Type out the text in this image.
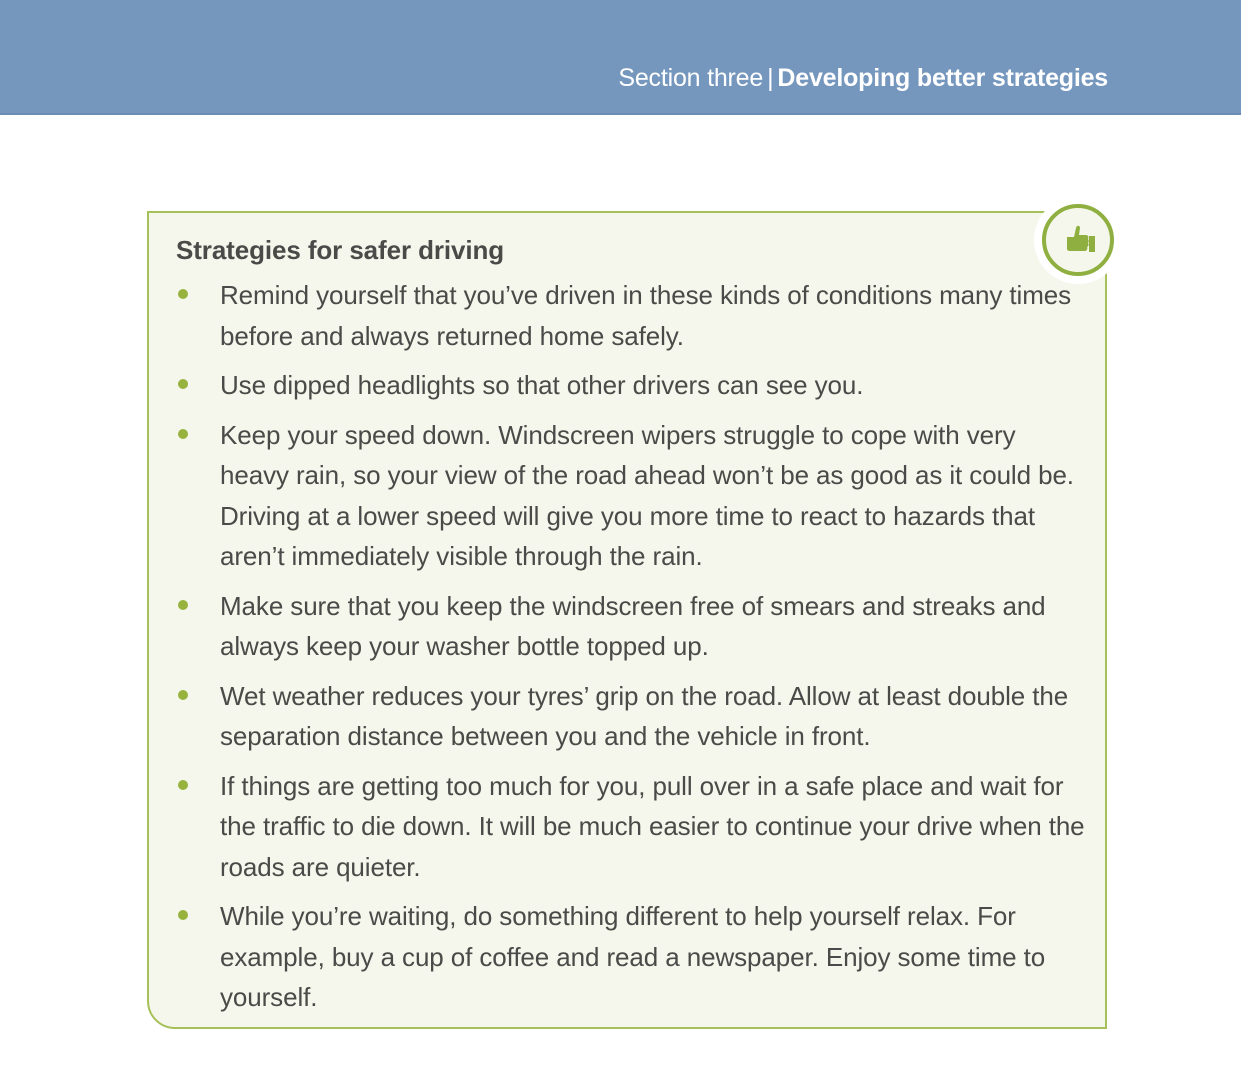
Section three | Developing better strategies
Strategies for safer driving
Remind yourself that you’ve driven in these kinds of conditions many times before and always returned home safely.
Use dipped headlights so that other drivers can see you.
Keep your speed down. Windscreen wipers struggle to cope with very heavy rain, so your view of the road ahead won’t be as good as it could be. Driving at a lower speed will give you more time to react to hazards that aren’t immediately visible through the rain.
Make sure that you keep the windscreen free of smears and streaks and always keep your washer bottle topped up.
Wet weather reduces your tyres’ grip on the road. Allow at least double the separation distance between you and the vehicle in front.
If things are getting too much for you, pull over in a safe place and wait for the traffic to die down. It will be much easier to continue your drive when the roads are quieter.
While you’re waiting, do something different to help yourself relax. For example, buy a cup of coffee and read a newspaper. Enjoy some time to yourself.
